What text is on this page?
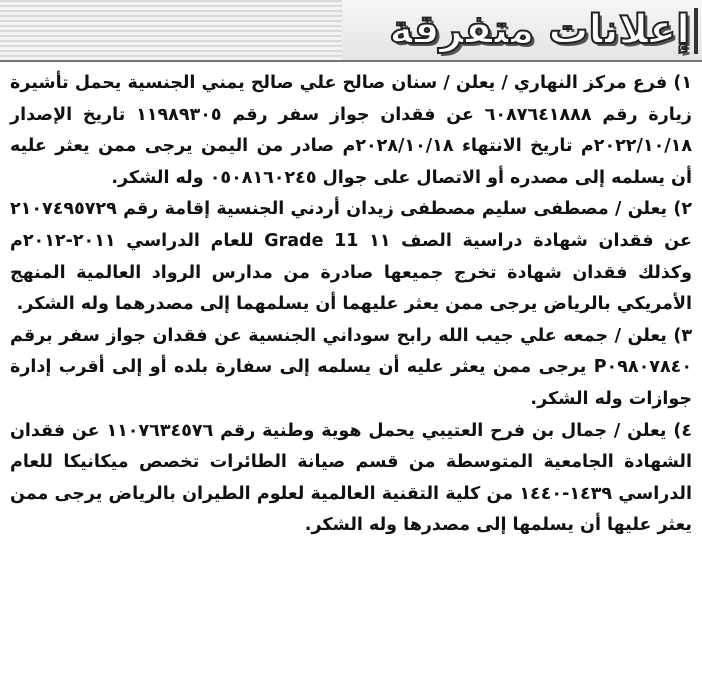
إعلانات متفرقة

١) فرع مركز النهاري / يعلن / سنان صالح علي صالح يمني الجنسية يحمل تأشيرة زيارة رقم ٦٠٨٧٦٤١٨٨٨ عن فقدان جواز سفر رقم ١١٩٨٩٣٠٥ تاريخ الإصدار ٢٠٢٢/١٠/١٨م تاريخ الانتهاء ٢٠٢٨/١٠/١٨م صادر من اليمن يرجى ممن يعثر عليه أن يسلمه إلى مصدره أو الاتصال على جوال ٠٥٠٨١٦٠٢٤٥ وله الشكر.

٢) يعلن / مصطفى سليم مصطفى زيدان أردني الجنسية إقامة رقم ٢١٠٧٤٩٥٧٢٩ عن فقدان شهادة دراسية الصف ١١ Grade 11 للعام الدراسي ٢٠١١-٢٠١٢م وكذلك فقدان شهادة تخرج جميعها صادرة من مدارس الرواد العالمية المنهج الأمريكي بالرياض يرجى ممن يعثر عليهما أن يسلمهما إلى مصدرهما وله الشكر.

٣) يعلن / جمعه علي جيب الله رابح سوداني الجنسية عن فقدان جواز سفر برقم P٠٩٨٠٧٨٤٠ يرجى ممن يعثر عليه أن يسلمه إلى سفارة بلده أو إلى أقرب إدارة جوازات وله الشكر.

٤) يعلن / جمال بن فرح العتيبي يحمل هوية وطنية رقم ١١٠٧٦٣٤٥٧٦ عن فقدان الشهادة الجامعية المتوسطة من قسم صيانة الطائرات تخصص ميكانيكا للعام الدراسي ١٤٣٩-١٤٤٠ من كلية التقنية العالمية لعلوم الطيران بالرياض يرجى ممن يعثر عليها أن يسلمها إلى مصدرها وله الشكر.
